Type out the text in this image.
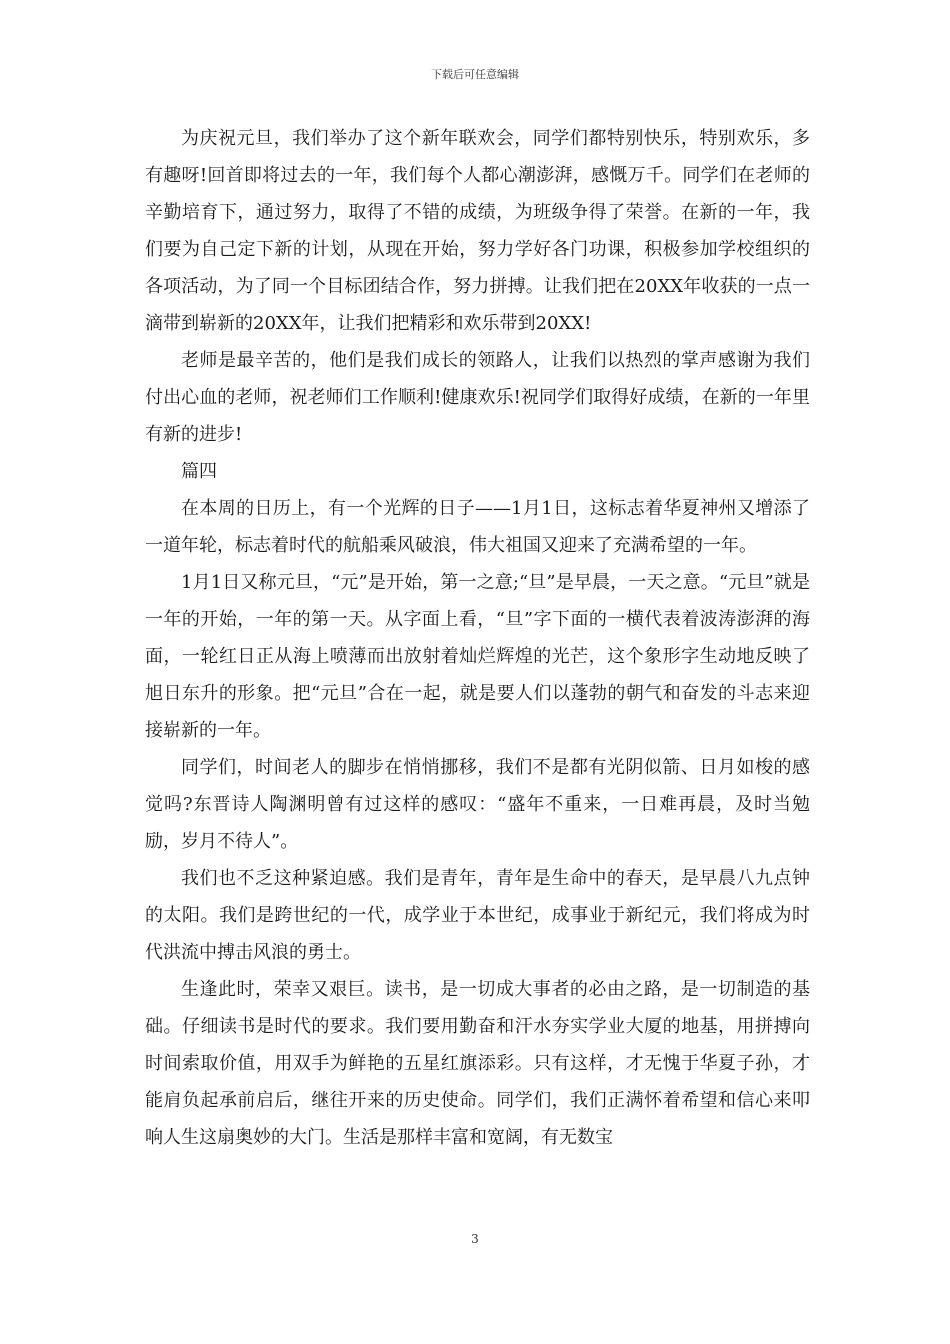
下载后可任意编辑

为庆祝元旦，我们举办了这个新年联欢会，同学们都特别快乐，特别欢乐，多有趣呀!回首即将过去的一年，我们每个人都心潮澎湃，感慨万千。同学们在老师的辛勤培育下，通过努力，取得了不错的成绩，为班级争得了荣誉。在新的一年，我们要为自己定下新的计划，从现在开始，努力学好各门功课，积极参加学校组织的各项活动，为了同一个目标团结合作，努力拼搏。让我们把在20XX年收获的一点一滴带到崭新的20XX年，让我们把精彩和欢乐带到20XX!

老师是最辛苦的，他们是我们成长的领路人，让我们以热烈的掌声感谢为我们付出心血的老师，祝老师们工作顺利!健康欢乐!祝同学们取得好成绩，在新的一年里有新的进步!

篇四

在本周的日历上，有一个光辉的日子——1月1日，这标志着华夏神州又增添了一道年轮，标志着时代的航船乘风破浪，伟大祖国又迎来了充满希望的一年。

1月1日又称元旦，“元”是开始，第一之意;“旦”是早晨，一天之意。“元旦”就是一年的开始，一年的第一天。从字面上看，“旦”字下面的一横代表着波涛澎湃的海面，一轮红日正从海上喷薄而出放射着灿烂辉煌的光芒，这个象形字生动地反映了旭日东升的形象。把“元旦”合在一起，就是要人们以蓬勃的朝气和奋发的斗志来迎接崭新的一年。

同学们，时间老人的脚步在悄悄挪移，我们不是都有光阴似箭、日月如梭的感觉吗?东晋诗人陶渊明曾有过这样的感叹：“盛年不重来，一日难再晨，及时当勉励，岁月不待人”。

我们也不乏这种紧迫感。我们是青年，青年是生命中的春天，是早晨八九点钟的太阳。我们是跨世纪的一代，成学业于本世纪，成事业于新纪元，我们将成为时代洪流中搏击风浪的勇士。

生逢此时，荣幸又艰巨。读书，是一切成大事者的必由之路，是一切制造的基础。仔细读书是时代的要求。我们要用勤奋和汗水夯实学业大厦的地基，用拼搏向时间索取价值，用双手为鲜艳的五星红旗添彩。只有这样，才无愧于华夏子孙，才能肩负起承前启后，继往开来的历史使命。同学们，我们正满怀着希望和信心来叩响人生这扇奥妙的大门。生活是那样丰富和宽阔，有无数宝

3
